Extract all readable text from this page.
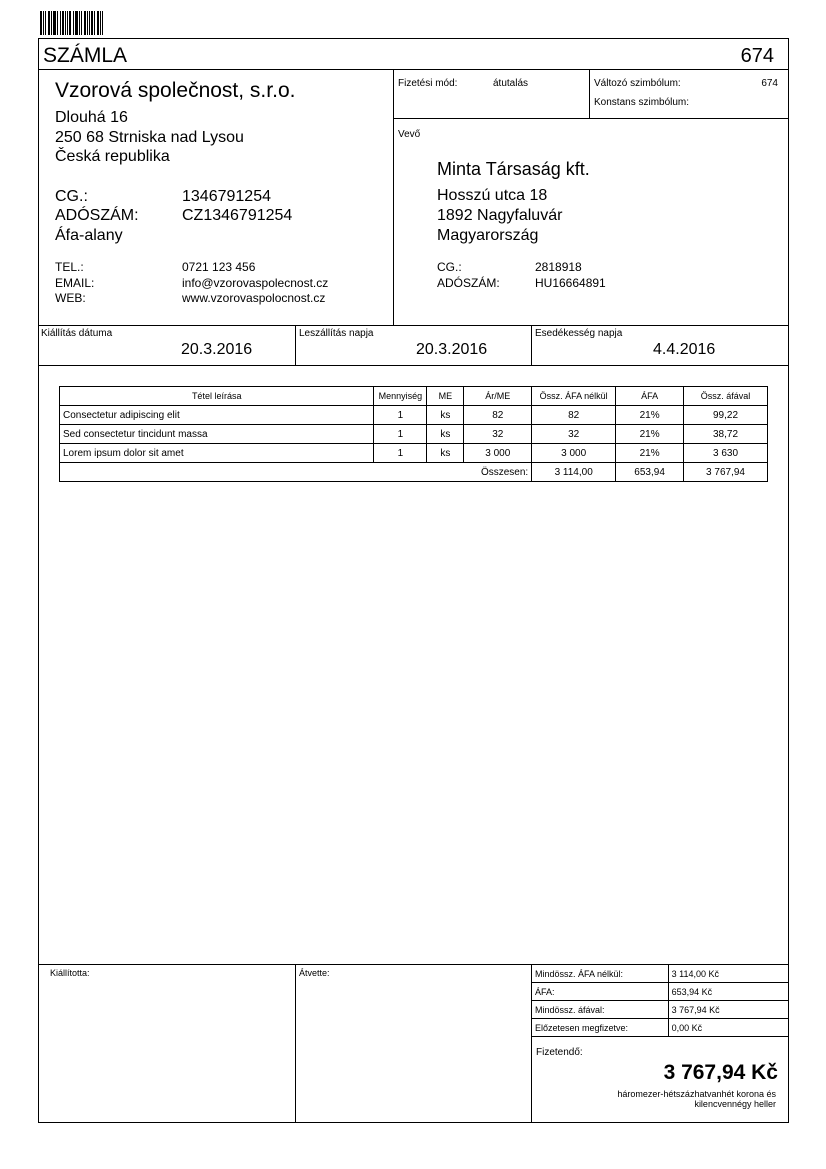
SZÁMLA	674
Vzorová společnost, s.r.o.
Dlouhá 16
250 68 Strniska nad Lysou
Česká republika
CG.:	1346791254
ADÓSZÁM:	CZ1346791254
Áfa-alany
TEL.:	0721 123 456
EMAIL:	info@vzorovaspolecnost.cz
WEB:	www.vzorovaspolocnost.cz
Fizetési mód:	átutalás	Változó szimbólum:	674
Konstans szimbólum:
Vevő
Minta Társaság kft.
Hosszú utca 18
1892 Nagyfaluvár
Magyarország
CG.:	2818918
ADÓSZÁM:	HU16664891
Kiállítás dátuma
20.3.2016
Leszállítás napja
20.3.2016
Esedékesség napja
4.4.2016
Tétel leírása	Mennyiség	ME	Ár/ME	Össz. ÁFA nélkül	ÁFA	Össz. áfával
Consectetur adipiscing elit	1	ks	82	82	21%	99,22
Sed consectetur tincidunt massa	1	ks	32	32	21%	38,72
Lorem ipsum dolor sit amet	1	ks	3 000	3 000	21%	3 630
Összesen:				3 114,00	653,94	3 767,94
Kiállította:	Átvette:	Mindössz. ÁFA nélkül:	3 114,00 Kč
ÁFA:	653,94 Kč
Mindössz. áfával:	3 767,94 Kč
Előzetesen megfizetve:	0,00 Kč
Fizetendő:
3 767,94 Kč
háromezer-hétszázhatvanhét korona és
kilencvennégy heller
